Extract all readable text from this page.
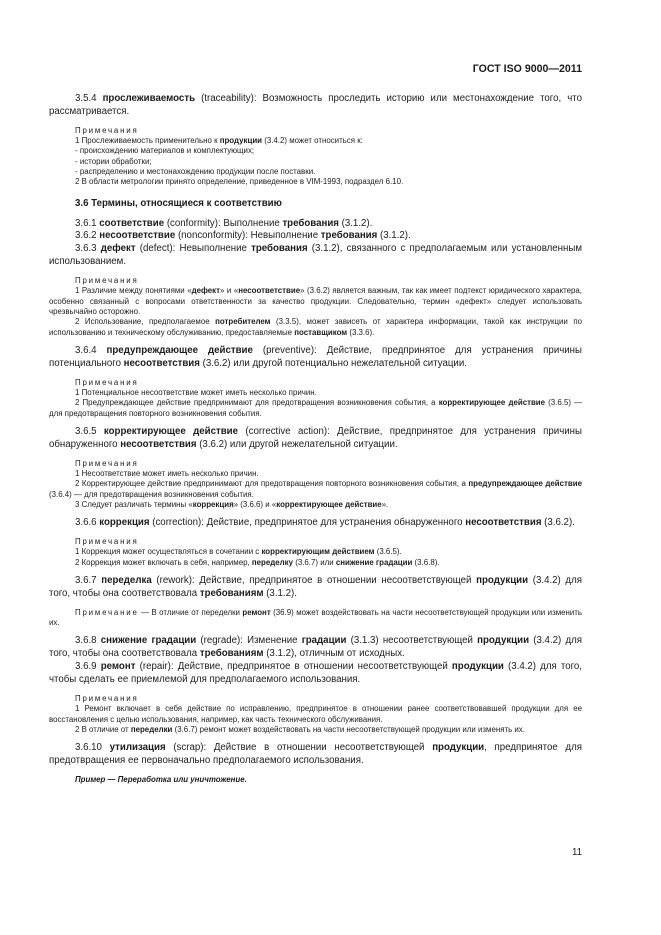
ГОСТ ISO 9000—2011

3.5.4 прослеживаемость (traceability): Возможность проследить историю или местонахождение того, что рассматривается.

Примечания

1 Прослеживаемость применительно к продукции (3.4.2) может относиться к:

- происхождению материалов и комплектующих;

- истории обработки;

- распределению и местонахождению продукции после поставки.

2 В области метрологии принято определение, приведенное в VIM-1993, подраздел 6.10.

3.6 Термины, относящиеся к соответствию

3.6.1 соответствие (conformity): Выполнение требования (3.1.2).

3.6.2 несоответствие (nonconformity): Невыполнение требования (3.1.2).

3.6.3 дефект (defect): Невыполнение требования (3.1.2), связанного с предполагаемым или установленным использованием.

Примечания

1 Различие между понятиями «дефект» и «несоответствие» (3.6.2) является важным, так как имеет подтекст юридического характера, особенно связанный с вопросами ответственности за качество продукции. Следовательно, термин «дефект» следует использовать чрезвычайно осторожно.

2 Использование, предполагаемое потребителем (3.3.5), может зависеть от характера информации, такой как инструкции по использованию и техническому обслуживанию, предоставляемые поставщиком (3.3.6).

3.6.4 предупреждающее действие (preventive): Действие, предпринятое для устранения причины потенциального несоответствия (3.6.2) или другой потенциально нежелательной ситуации.

Примечания

1 Потенциальное несоответствие может иметь несколько причин.

2 Предупреждающее действие предпринимают для предотвращения возникновения события, а корректирующее действие (3.6.5) — для предотвращения повторного возникновения события.

3.6.5 корректирующее действие (corrective action): Действие, предпринятое для устранения причины обнаруженного несоответствия (3.6.2) или другой нежелательной ситуации.

Примечания

1 Несоответствие может иметь несколько причин.

2 Корректирующее действие предпринимают для предотвращения повторного возникновения события, а предупреждающее действие (3.6.4) — для предотвращения возникновения события.

3 Следует различать термины «коррекция» (3.6.6) и «корректирующее действие».

3.6.6 коррекция (correction): Действие, предпринятое для устранения обнаруженного несоответствия (3.6.2).

Примечания

1 Коррекция может осуществляться в сочетании с корректирующим действием (3.6.5).

2 Коррекция может включать в себя, например, переделку (3.6.7) или снижение градации (3.6.8).

3.6.7 переделка (rework): Действие, предпринятое в отношении несоответствующей продукции (3.4.2) для того, чтобы она соответствовала требованиям (3.1.2).

Примечание — В отличие от переделки ремонт (36.9) может воздействовать на части несоответствующей продукции или изменить их.

3.6.8 снижение градации (regrade): Изменение градации (3.1.3) несоответствующей продукции (3.4.2) для того, чтобы она соответствовала требованиям (3.1.2), отличным от исходных.

3.6.9 ремонт (repair): Действие, предпринятое в отношении несоответствующей продукции (3.4.2) для того, чтобы сделать ее приемлемой для предполагаемого использования.

Примечания

1 Ремонт включает в себя действие по исправлению, предпринятое в отношении ранее соответствовавшей продукции для ее восстановления с целью использования, например, как часть технического обслуживания.

2 В отличие от переделки (3.6.7) ремонт может воздействовать на части несоответствующей продукции или изменять их.

3.6.10 утилизация (scrap): Действие в отношении несоответствующей продукции, предпринятое для предотвращения ее первоначально предполагаемого использования.

Пример — Переработка или уничтожение.

11
